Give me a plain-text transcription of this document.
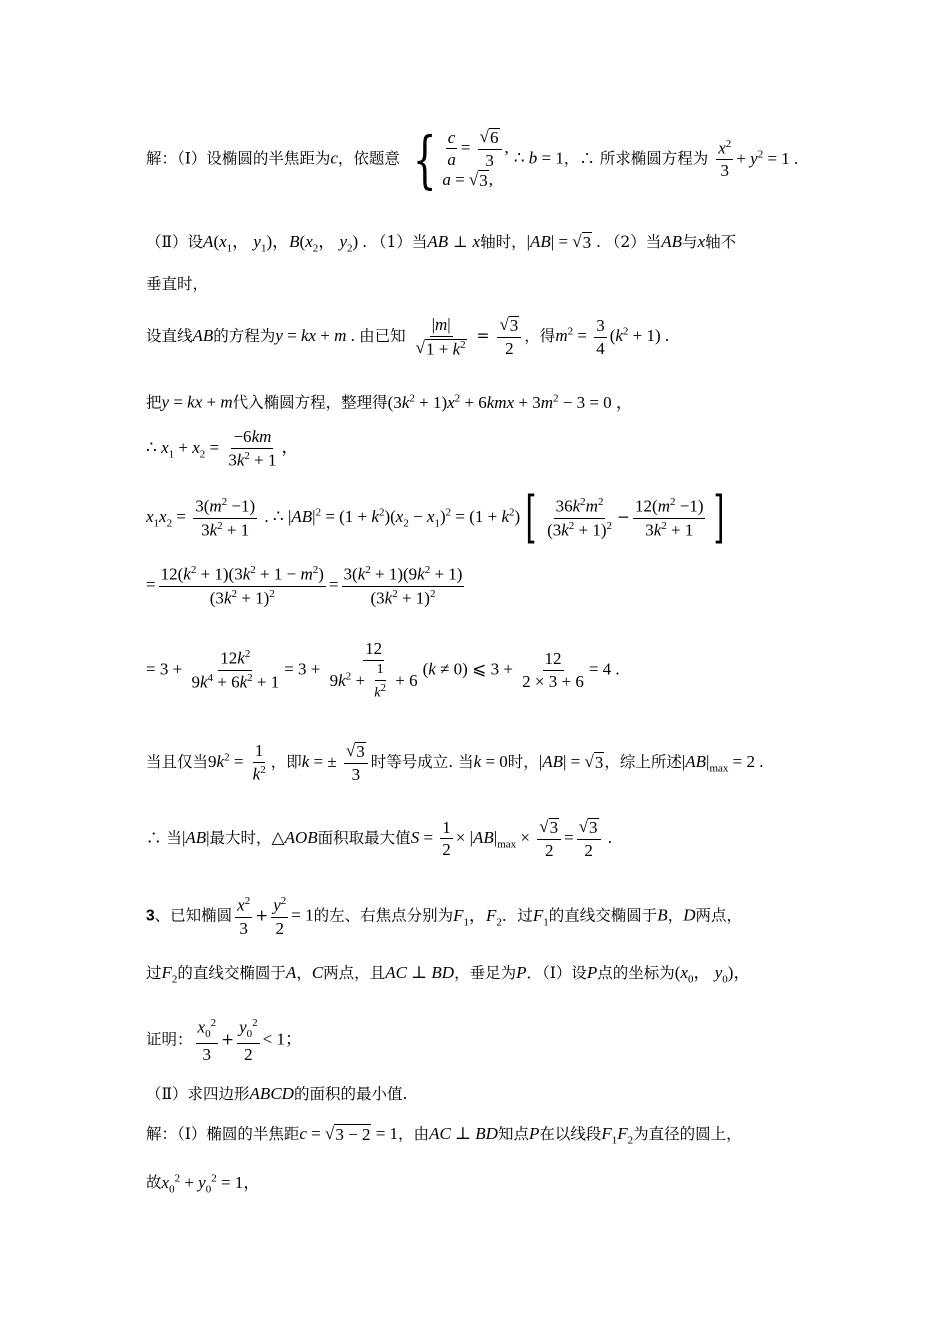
解：（Ⅰ）设椭圆的半焦距为c，依题意 { $\frac{c}{a} = \frac{√ 6}{3}$ ,
a = √ 3 ,
∴ b = 1，∴ 所求椭圆方程为 $\frac{x^2}{3} + y^2 = 1$ .
（Ⅱ）设$A(x_1$， $y_1$)，$B(x_2$， $y_2$) . （1）当AB ⊥ x轴时，|AB| = √ 3 . （2）当AB与x轴不
垂直时，
设直线AB的方程为y = kx + m . 由已知 $\frac{|m|}{√ 1 + k^2} = \frac{√ 3}{2}$ ，得$m^2 = \frac{3}{4} (k^2 + 1)$ .
把y = kx + m代入椭圆方程，整理得$(3k^2 + 1)x^2 + 6kmx + 3m^2 - 3 = 0$ ，
∴ $x_1 + x_2 = \frac{-6km}{3k^2 + 1}$ ，
$x_1x_2 = \frac{3(m^2 -1)}{3k^2 + 1}$ . ∴ $|AB|^2 = (1 + k^2)(x_2 - x_1)^2 = (1 + k^2)[ \frac{36k^2m^2}{(3k^2 + 1)^2} - \frac{12(m^2 -1)}{3k^2 + 1}$ ]
= $\frac{12(k^2 + 1)(3k^2 + 1 - m^2)}{(3k^2 + 1)^2} = \frac{3(k^2 + 1)(9k^2 + 1)}{(3k^2 + 1)^2}$
= $3 + \frac{12k^2}{9k^4 + 6k^2 + 1} = 3 + \frac{12}{9k^2 + \frac{1}{k^2} + 6} (k \ne 0)$ ⩽ $3 + \frac{12}{2 \times 3 + 6} = 4$ .
当且仅当$9k^2 = \frac{1}{k^2}$ ，即k = ± $\frac{√ 3}{3}$ 时等号成立. 当k = 0时，|AB| = √ 3 ，综上所述$|AB|_{max} = 2$ .
∴ 当|AB|最大时，△AOB面积取最大值$S = \frac{1}{2} \times |AB|_{max} \times \frac{√ 3}{2} = \frac{√ 3}{2}$ .
3、已知椭圆 $\frac{x^2}{3} + \frac{y^2}{2} = 1$的左、右焦点分别为$F_1$，$F_2$．过$F_1$的直线交椭圆于B，D两点，
过$F_2$的直线交椭圆于A，C两点，且AC ⊥ BD，垂足为P．（Ⅰ）设P点的坐标为($x_0$， $y_0$)，
证明： $\frac{x_0^2}{3} + \frac{y_0^2}{2} < 1$；
（Ⅱ）求四边形ABCD的面积的最小值.
解：（Ⅰ）椭圆的半焦距c = √ 3 − 2 = 1，由AC ⊥ BD知点P在以线段$F_1F_2$为直径的圆上，
故$x_0^2 + y_0^2 = 1$，
